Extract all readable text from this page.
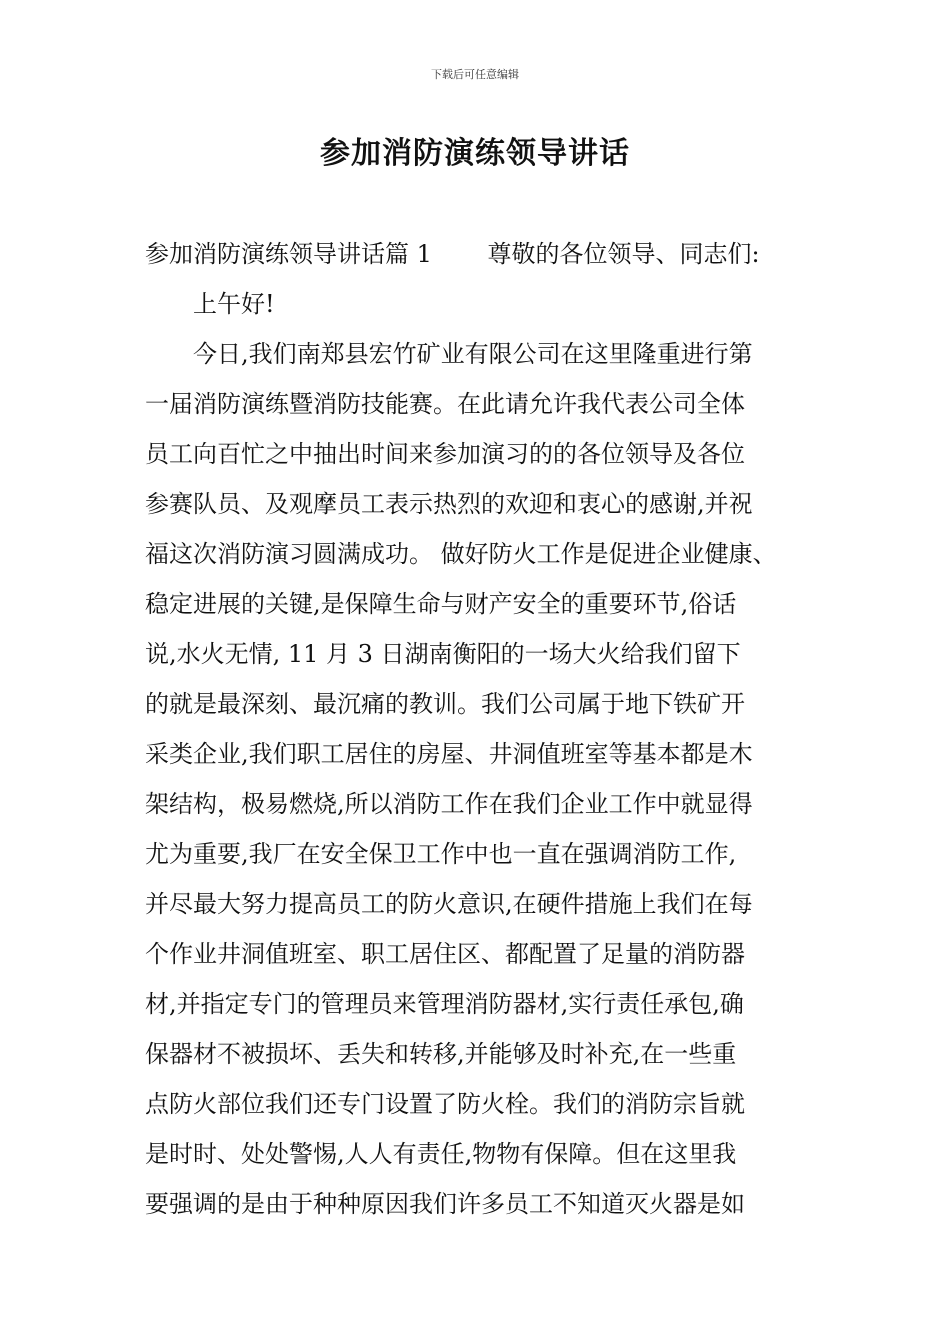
下载后可任意编辑
参加消防演练领导讲话
参加消防演练领导讲话篇 1　　 尊敬的各位领导、同志们:
　　上午好!
　　今日,我们南郑县宏竹矿业有限公司在这里隆重进行第
一届消防演练暨消防技能赛。在此请允许我代表公司全体
员工向百忙之中抽出时间来参加演习的的各位领导及各位
参赛队员、及观摩员工表示热烈的欢迎和衷心的感谢,并祝
福这次消防演习圆满成功。 做好防火工作是促进企业健康、
稳定进展的关键,是保障生命与财产安全的重要环节,俗话
说,水火无情, 11 月 3 日湖南衡阳的一场大火给我们留下
的就是最深刻、最沉痛的教训。我们公司属于地下铁矿开
采类企业,我们职工居住的房屋、井洞值班室等基本都是木
架结构，极易燃烧,所以消防工作在我们企业工作中就显得
尤为重要,我厂在安全保卫工作中也一直在强调消防工作,
并尽最大努力提高员工的防火意识,在硬件措施上我们在每
个作业井洞值班室、职工居住区、都配置了足量的消防器
材,并指定专门的管理员来管理消防器材,实行责任承包,确
保器材不被损坏、丢失和转移,并能够及时补充,在一些重
点防火部位我们还专门设置了防火栓。我们的消防宗旨就
是时时、处处警惕,人人有责任,物物有保障。但在这里我
要强调的是由于种种原因我们许多员工不知道灭火器是如
